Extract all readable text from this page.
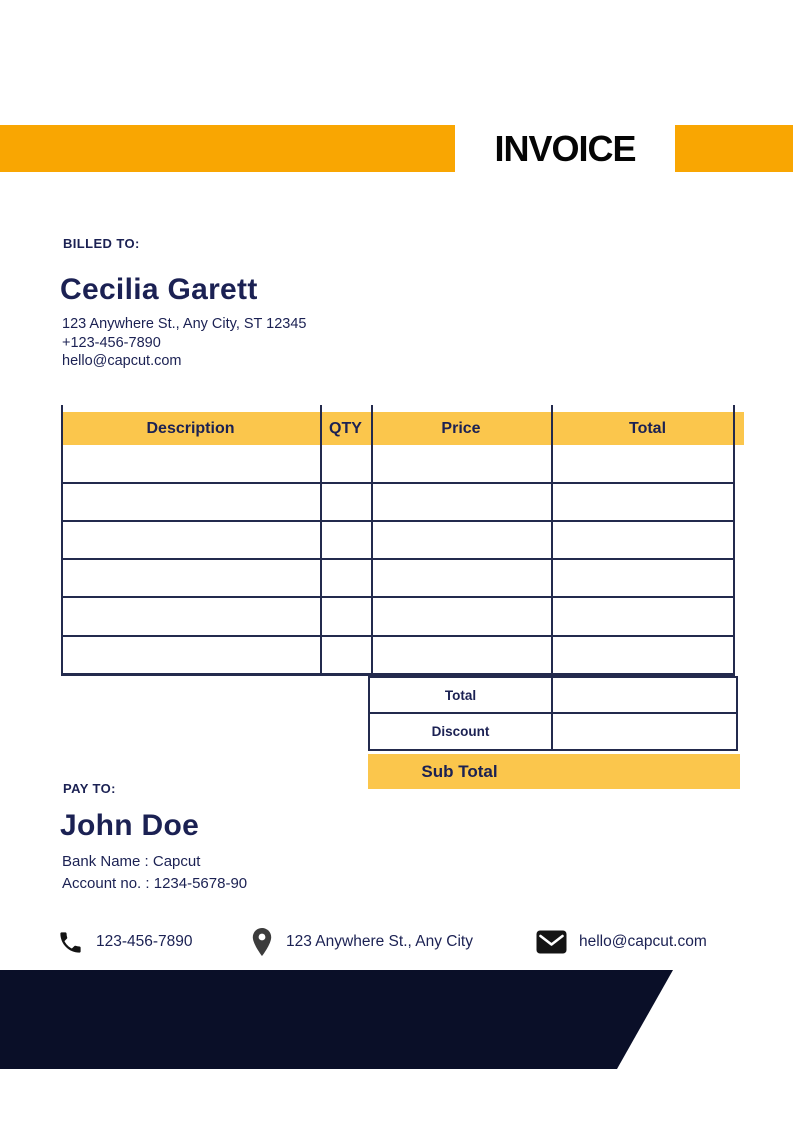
INVOICE
BILLED TO:
Cecilia Garett
123 Anywhere St., Any City, ST 12345
+123-456-7890
hello@capcut.com
Description	QTY	Price	Total
Total
Discount
Sub Total
PAY TO:
John Doe
Bank Name : Capcut
Account no. : 1234-5678-90
123-456-7890	123 Anywhere St., Any City	hello@capcut.com
